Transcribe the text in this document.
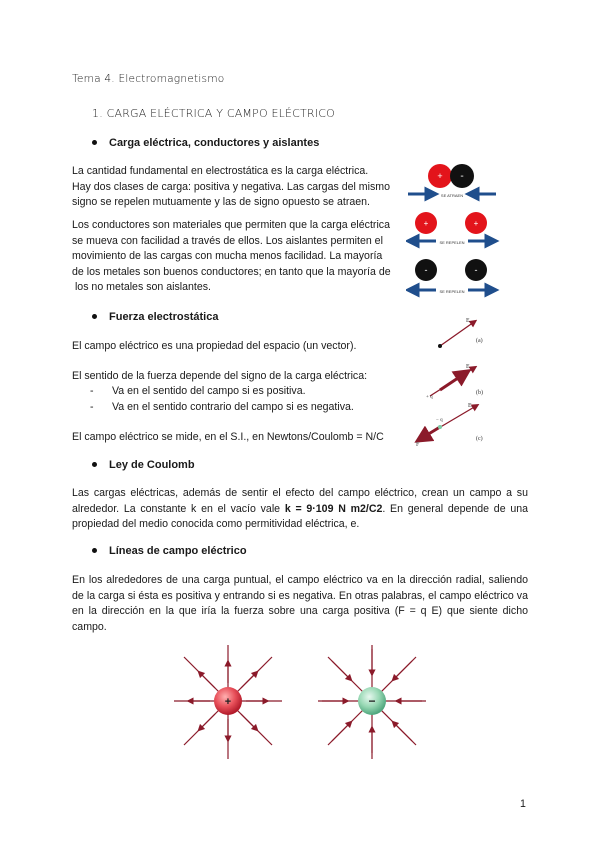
Tema 4. Electromagnetismo
1. CARGA ELÉCTRICA Y CAMPO ELÉCTRICO
Carga eléctrica, conductores y aislantes

La cantidad fundamental en electrostática es la carga eléctrica.

Hay dos clases de carga: positiva y negativa. Las cargas del mismo

signo se repelen mutuamente y las de signo opuesto se atraen.

Los conductores son materiales que permiten que la carga eléctrica

se mueva con facilidad a través de ellos. Los aislantes permiten el

movimiento de las cargas con mucha menos facilidad. La mayoría

de los metales son buenos conductores; en tanto que la mayoría de

los no metales son aislantes.

+ -
SE ATRAEN
+	+
SE REPELEN
-	-
SE REPELEN
Fuerza electrostática
El campo eléctrico es una propiedad del espacio (un vector).
El sentido de la fuerza depende del signo de la carga eléctrica:

- Va en el sentido del campo si es positiva.

- Va en el sentido contrario del campo si es negativa.

El campo eléctrico se mide, en el S.I., en Newtons/Coulomb = N/C
E
(a)
+ q
E
(b)
− q
E
F
(c)
Ley de Coulomb
Las cargas eléctricas, además de sentir el efecto del campo eléctrico, crean un campo a su alrededor. La constante k en el vacío vale k = 9·109 N m2/C2. En general depende de una propiedad del medio conocida como permitividad eléctrica, e.
Líneas de campo eléctrico
En los alrededores de una carga puntual, el campo eléctrico va en la dirección radial, saliendo de la carga si ésta es positiva y entrando si es negativa. En otras palabras, el campo eléctrico va en la dirección en la que iría la fuerza sobre una carga positiva (F = q E) que siente dicho campo.
+	−
1
